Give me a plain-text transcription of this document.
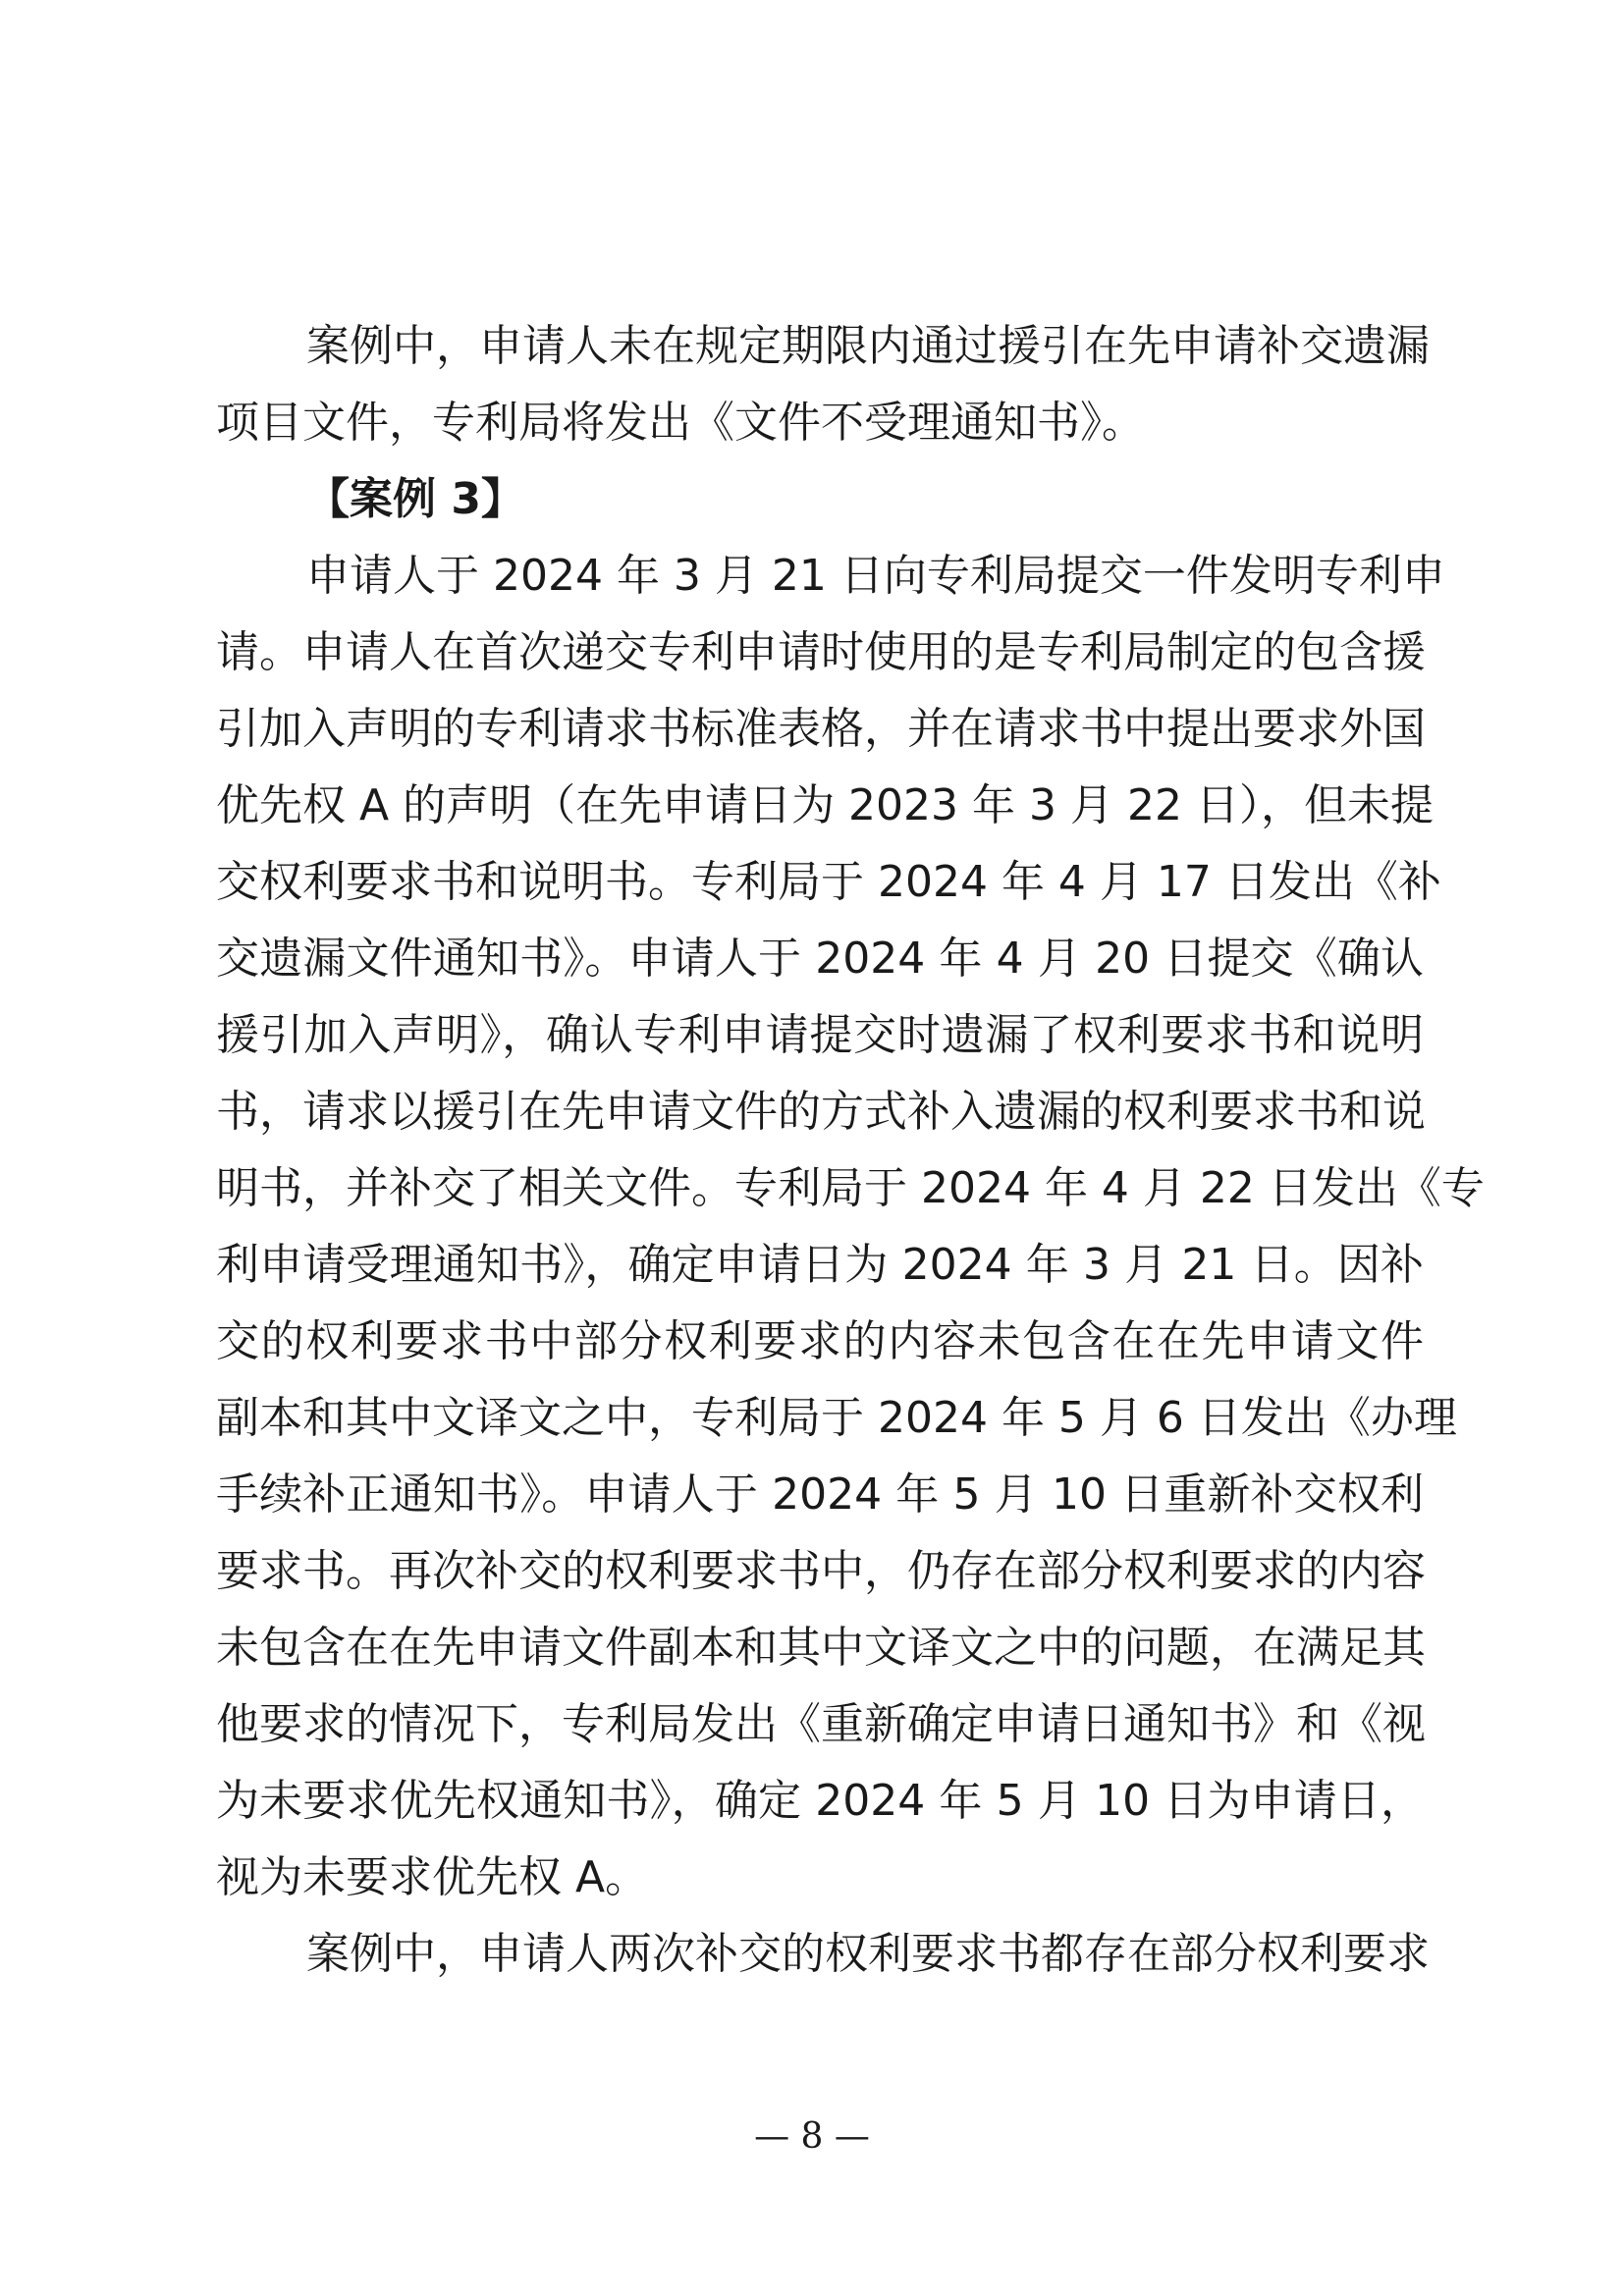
案例中，申请人未在规定期限内通过援引在先申请补交遗漏
项目文件，专利局将发出《文件不受理通知书》。
【案例 3】
申请人于 2024 年 3 月 21 日向专利局提交一件发明专利申
请。申请人在首次递交专利申请时使用的是专利局制定的包含援
引加入声明的专利请求书标准表格，并在请求书中提出要求外国
优先权 A 的声明（在先申请日为 2023 年 3 月 22 日），但未提
交权利要求书和说明书。专利局于 2024 年 4 月 17 日发出《补
交遗漏文件通知书》。申请人于 2024 年 4 月 20 日提交《确认
援引加入声明》，确认专利申请提交时遗漏了权利要求书和说明
书，请求以援引在先申请文件的方式补入遗漏的权利要求书和说
明书，并补交了相关文件。专利局于 2024 年 4 月 22 日发出《专
利申请受理通知书》，确定申请日为 2024 年 3 月 21 日。因补
交的权利要求书中部分权利要求的内容未包含在在先申请文件
副本和其中文译文之中，专利局于 2024 年 5 月 6 日发出《办理
手续补正通知书》。申请人于 2024 年 5 月 10 日重新补交权利
要求书。再次补交的权利要求书中，仍存在部分权利要求的内容
未包含在在先申请文件副本和其中文译文之中的问题，在满足其
他要求的情况下，专利局发出《重新确定申请日通知书》和《视
为未要求优先权通知书》，确定 2024 年 5 月 10 日为申请日，
视为未要求优先权 A。
案例中，申请人两次补交的权利要求书都存在部分权利要求
— 8 —
